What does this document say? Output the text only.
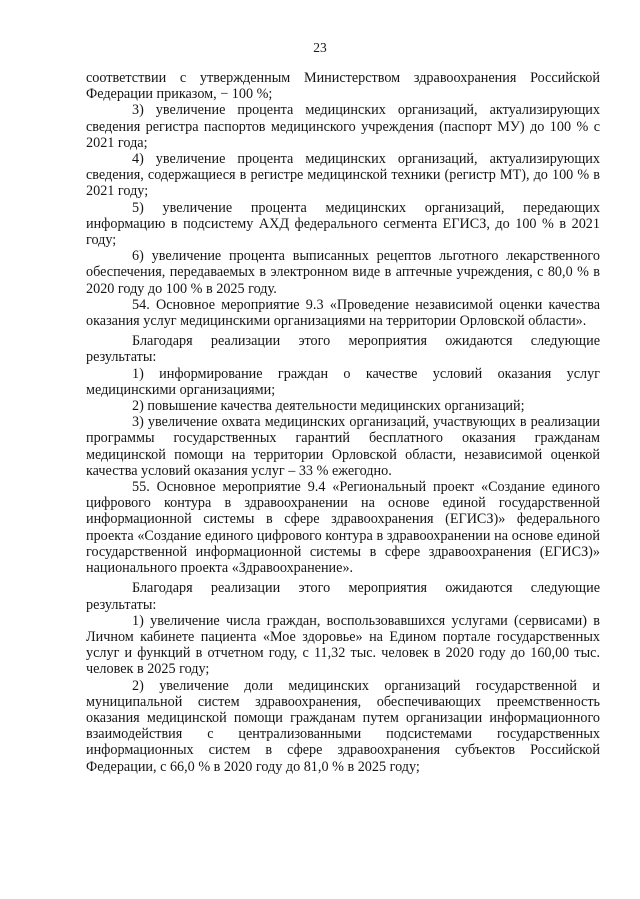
23

соответствии с утвержденным Министерством здравоохранения Российской Федерации приказом, − 100 %;

3) увеличение процента медицинских организаций, актуализирующих сведения регистра паспортов медицинского учреждения (паспорт МУ) до 100 % с 2021 года;

4) увеличение процента медицинских организаций, актуализирующих сведения, содержащиеся в регистре медицинской техники (регистр МТ), до 100 % в 2021 году;

5) увеличение процента медицинских организаций, передающих информацию в подсистему АХД федерального сегмента ЕГИСЗ, до 100 % в 2021 году;

6) увеличение процента выписанных рецептов льготного лекарственного обеспечения, передаваемых в электронном виде в аптечные учреждения, с 80,0 % в 2020 году до 100 % в 2025 году.

54. Основное мероприятие 9.3 «Проведение независимой оценки качества оказания услуг медицинскими организациями на территории Орловской области».

Благодаря реализации этого мероприятия ожидаются следующие результаты:

1) информирование граждан о качестве условий оказания услуг медицинскими организациями;

2) повышение качества деятельности медицинских организаций;

3) увеличение охвата медицинских организаций, участвующих в реализации программы государственных гарантий бесплатного оказания гражданам медицинской помощи на территории Орловской области, независимой оценкой качества условий оказания услуг – 33 % ежегодно.

55. Основное мероприятие 9.4 «Региональный проект «Создание единого цифрового контура в здравоохранении на основе единой государственной информационной системы в сфере здравоохранения (ЕГИСЗ)» федерального проекта «Создание единого цифрового контура в здравоохранении на основе единой государственной информационной системы в сфере здравоохранения (ЕГИСЗ)» национального проекта «Здравоохранение».

Благодаря реализации этого мероприятия ожидаются следующие результаты:

1) увеличение числа граждан, воспользовавшихся услугами (сервисами) в Личном кабинете пациента «Мое здоровье» на Едином портале государственных услуг и функций в отчетном году, с 11,32 тыс. человек в 2020 году до 160,00 тыс. человек в 2025 году;

2) увеличение доли медицинских организаций государственной и муниципальной систем здравоохранения, обеспечивающих преемственность оказания медицинской помощи гражданам путем организации информационного взаимодействия с централизованными подсистемами государственных информационных систем в сфере здравоохранения субъектов Российской Федерации, с 66,0 % в 2020 году до 81,0 % в 2025 году;
